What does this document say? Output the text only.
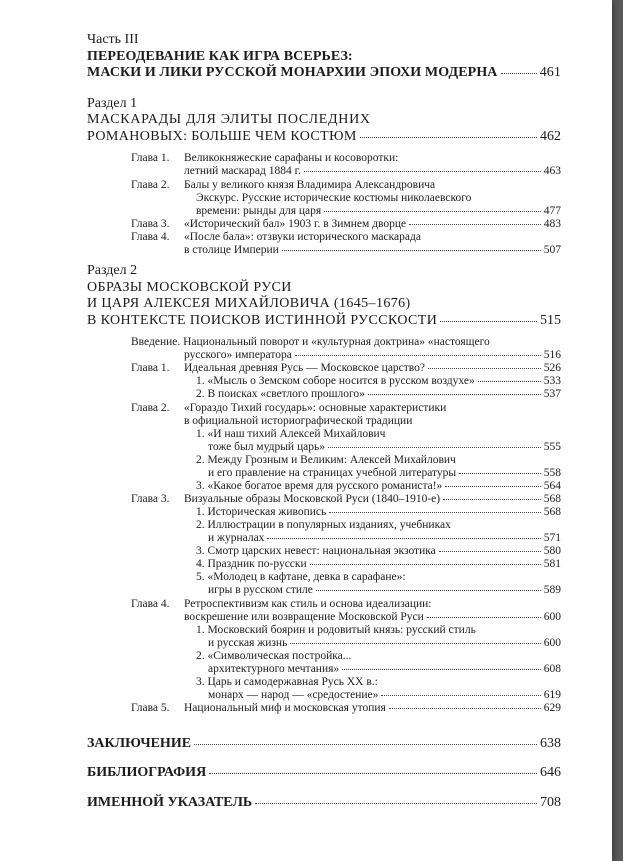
Часть III
ПЕРЕОДЕВАНИЕ КАК ИГРА ВСЕРЬЕЗ:
МАСКИ И ЛИКИ РУССКОЙ МОНАРХИИ ЭПОХИ МОДЕРНА	461
Раздел 1
МАСКАРАДЫ ДЛЯ ЭЛИТЫ ПОСЛЕДНИХ
РОМАНОВЫХ: БОЛЬШЕ ЧЕМ КОСТЮМ	462
Глава 1. Великокняжеские сарафаны и косоворотки:
летний маскарад 1884 г.	463
Глава 2. Балы у великого князя Владимира Александровича
Экскурс. Русские исторические костюмы николаевского
времени: рынды для царя	477
Глава 3. «Исторический бал» 1903 г. в Зимнем дворце	483
Глава 4. «После бала»: отзвуки исторического маскарада
в столице Империи	507
Раздел 2
ОБРАЗЫ МОСКОВСКОЙ РУСИ
И ЦАРЯ АЛЕКСЕЯ МИХАЙЛОВИЧА (1645–1676)
В КОНТЕКСТЕ ПОИСКОВ ИСТИННОЙ РУССКОСТИ	515
Введение. Национальный поворот и «культурная доктрина» «настоящего
русского» императора	516
Глава 1. Идеальная древняя Русь — Московское царство?	526
1. «Мысль о Земском соборе носится в русском воздухе»	533
2. В поисках «светлого прошлого»	537
Глава 2. «Гораздо Тихий государь»: основные характеристики
в официальной историографической традиции
1. «И наш тихий Алексей Михайлович
тоже был мудрый царь»	555
2. Между Грозным и Великим: Алексей Михайлович
и его правление на страницах учебной литературы	558
3. «Какое богатое время для русского романиста!»	564
Глава 3. Визуальные образы Московской Руси (1840–1910-е)	568
1. Историческая живопись	568
2. Иллюстрации в популярных изданиях, учебниках
и журналах	571
3. Смотр царских невест: национальная экзотика	580
4. Праздник по-русски	581
5. «Молодец в кафтане, девка в сарафане»:
игры в русском стиле	589
Глава 4. Ретроспективизм как стиль и основа идеализации:
воскрешение или возвращение Московской Руси	600
1. Московский боярин и родовитый князь: русский стиль
и русская жизнь	600
2. «Символическая постройка...
архитектурного мечтания»	608
3. Царь и самодержавная Русь XX в.:
монарх — народ — «средостение»	619
Глава 5. Национальный миф и московская утопия	629
ЗАКЛЮЧЕНИЕ	638
БИБЛИОГРАФИЯ	646
ИМЕННОЙ УКАЗАТЕЛЬ	708
